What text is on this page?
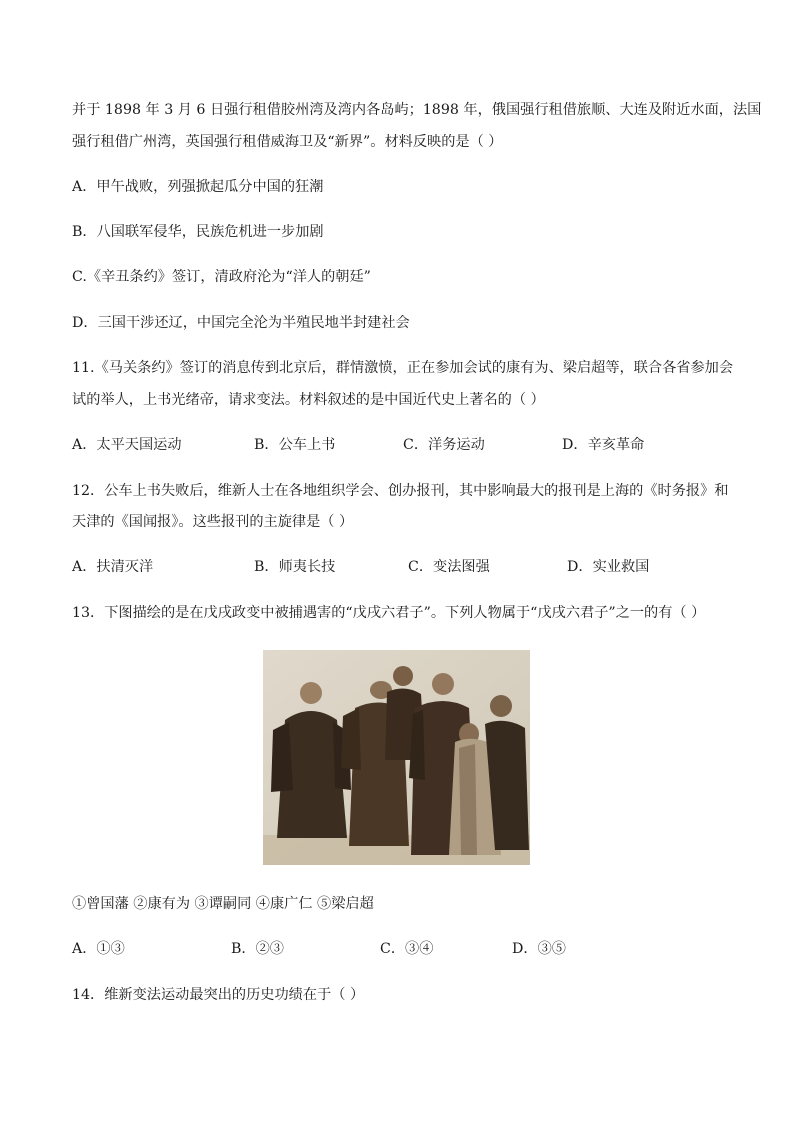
并于 1898 年 3 月 6 日强行租借胶州湾及湾内各岛屿；1898 年，俄国强行租借旅顺、大连及附近水面，法国
强行租借广州湾，英国强行租借威海卫及“新界”。材料反映的是（ ）
A．甲午战败，列强掀起瓜分中国的狂潮
B．八国联军侵华，民族危机进一步加剧
C.《辛丑条约》签订，清政府沦为“洋人的朝廷”
D．三国干涉还辽，中国完全沦为半殖民地半封建社会
11.《马关条约》签订的消息传到北京后，群情激愤，正在参加会试的康有为、梁启超等，联合各省参加会
试的举人，上书光绪帝，请求变法。材料叙述的是中国近代史上著名的（ ）
A．太平天国运动	B．公车上书	C．洋务运动	D．辛亥革命
12．公车上书失败后，维新人士在各地组织学会、创办报刊，其中影响最大的报刊是上海的《时务报》和
天津的《国闻报》。这些报刊的主旋律是（ ）
A．扶清灭洋	B．师夷长技	C．变法图强	D．实业救国
13．下图描绘的是在戊戌政变中被捕遇害的“戊戌六君子”。下列人物属于“戊戌六君子”之一的有（ ）
①曾国藩 ②康有为 ③谭嗣同 ④康广仁 ⑤梁启超
A．①③	B．②③	C．③④	D．③⑤
14．维新变法运动最突出的历史功绩在于（ ）
